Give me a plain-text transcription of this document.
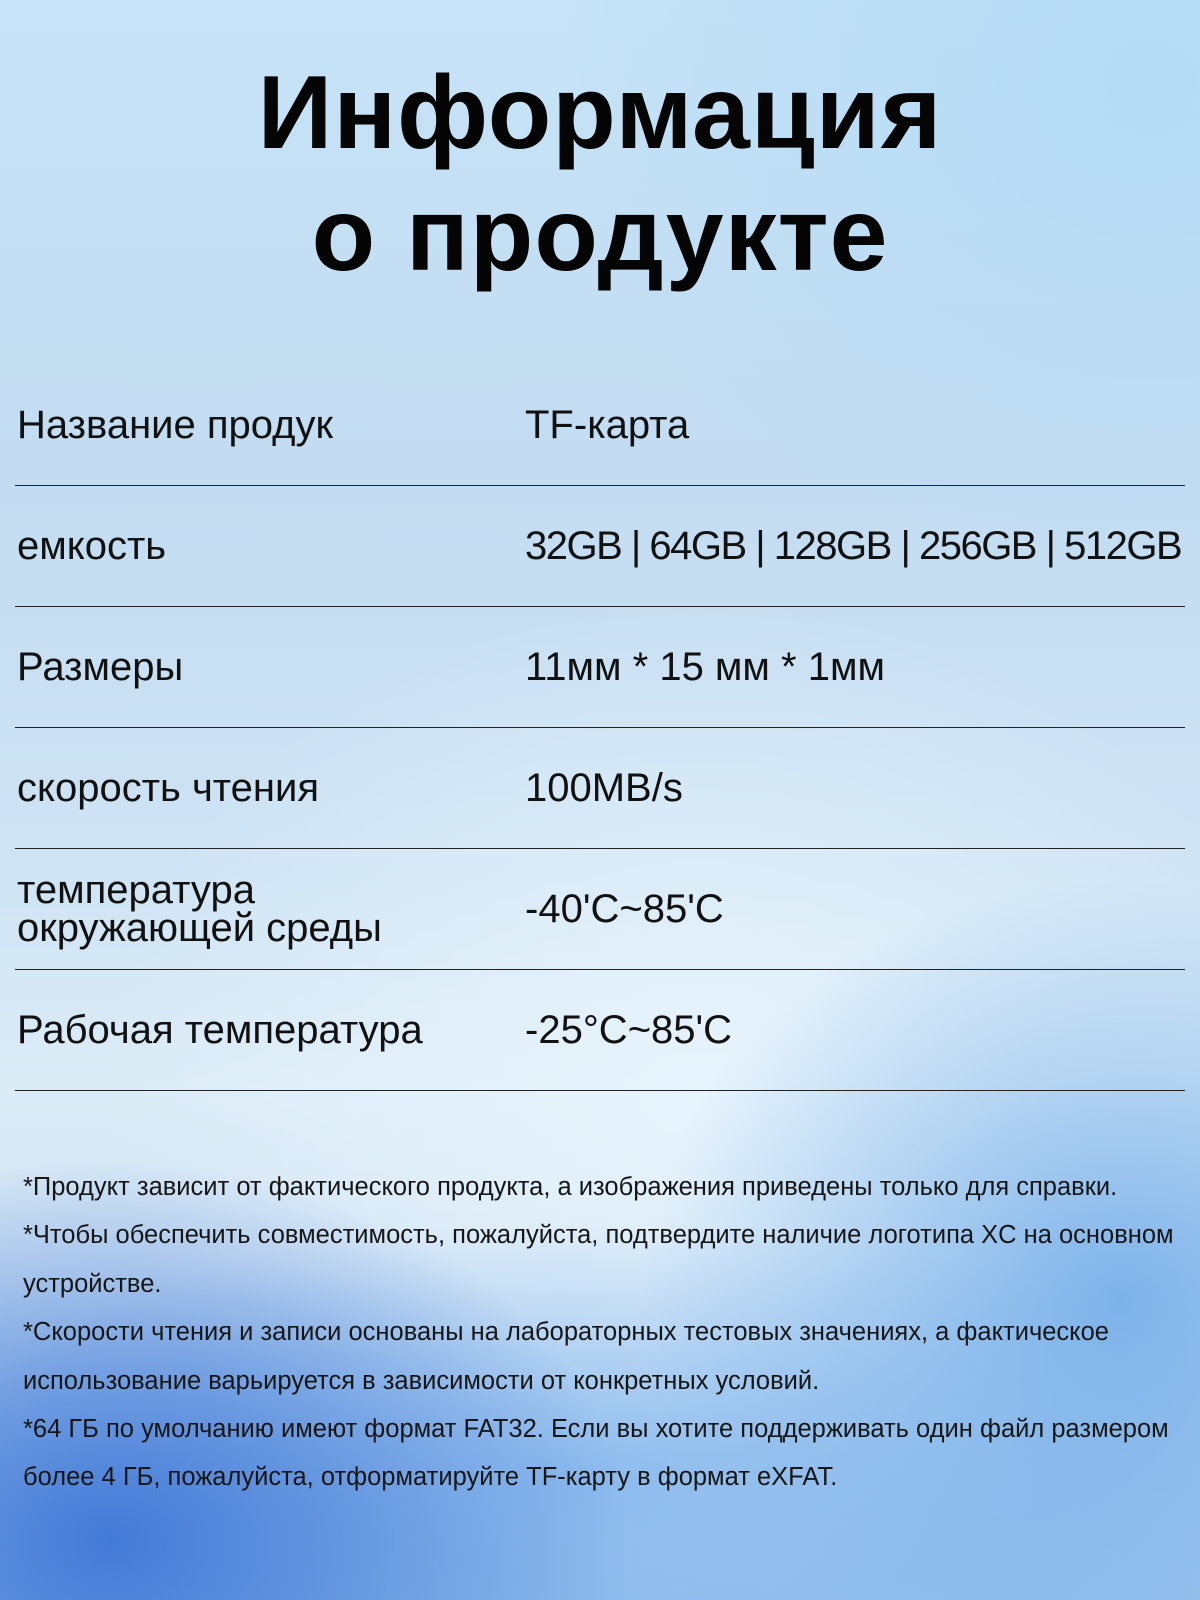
Информация
о продукте
Название продук	TF-карта
емкость	32GB | 64GB | 128GB | 256GB | 512GB
Размеры	11мм * 15 мм * 1мм
скорость чтения	100MB/s
температура окружающей среды	-40'C~85'C
Рабочая температура	-25°C~85'C

*Продукт зависит от фактического продукта, а изображения приведены только для справки.

*Чтобы обеспечить совместимость, пожалуйста, подтвердите наличие логотипа XC на основном устройстве.

*Скорости чтения и записи основаны на лабораторных тестовых значениях, а фактическое использование варьируется в зависимости от конкретных условий.

*64 ГБ по умолчанию имеют формат FAT32. Если вы хотите поддерживать один файл размером более 4 ГБ, пожалуйста, отформатируйте TF-карту в формат eXFAT.
